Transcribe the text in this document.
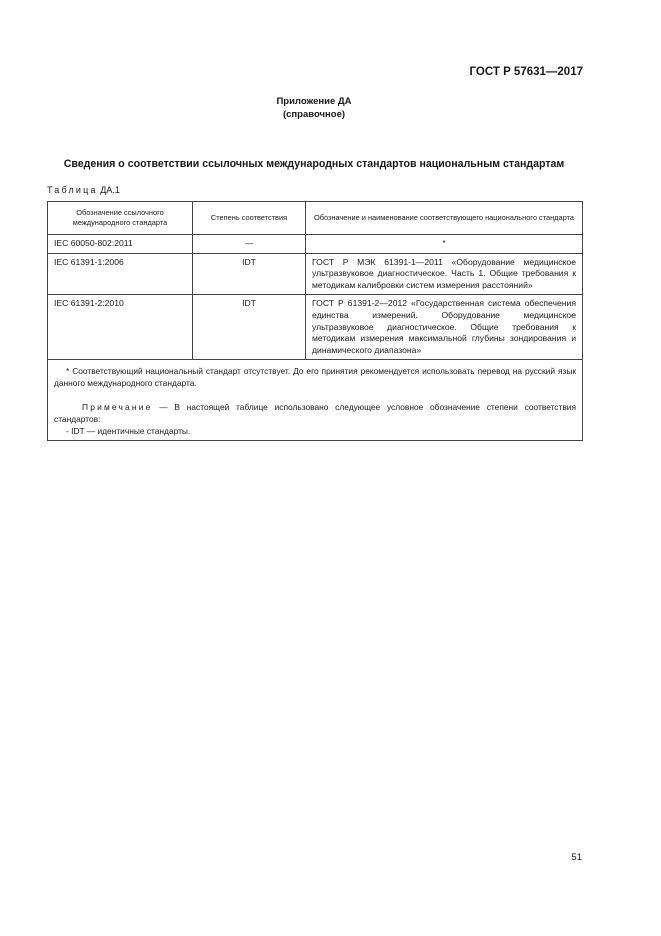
ГОСТ Р 57631—2017
Приложение ДА
(справочное)
Сведения о соответствии ссылочных международных стандартов национальным стандартам
Таблица ДА.1
Обозначение ссылочного международного стандарта	Степень соответствия	Обозначение и наименование соответствующего национального стандарта
IEC 60050-802:2011	—	*
IEC 61391-1:2006	IDT	ГОСТ Р МЭК 61391-1—2011 «Оборудование медицинское ультразвуковое диагностическое. Часть 1. Общие требования к методикам калибровки систем измерения расстояний»
IEC 61391-2:2010	IDT	ГОСТ Р 61391-2—2012 «Государственная система обеспечения единства измерений. Оборудование медицинское ультразвуковое диагностическое. Общие требования к методикам измерения максимальной глубины зондирования и динамического диапазона»

* Соответствующий национальный стандарт отсутствует. До его принятия рекомендуется использовать перевод на русский язык данного международного стандарта.
Примечание — В настоящей таблице использовано следующее условное обозначение степени соответствия стандартов:
- IDT — идентичные стандарты.		
51
